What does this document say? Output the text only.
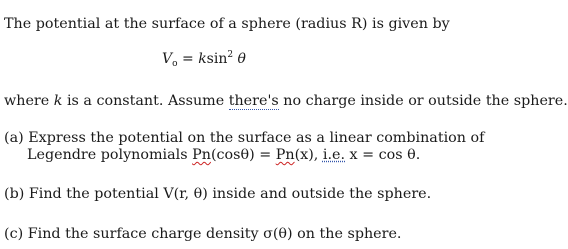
The potential at the surface of a sphere (radius R) is given by
$V_o = ksin^2$ θ
where k is a constant. Assume there's no charge inside or outside the sphere.
(a) Express the potential on the surface as a linear combination of
Legendre polynomials Pn(cosθ) = Pn(x), i.e. x = cos θ.
(b) Find the potential V(r, θ) inside and outside the sphere.
(c) Find the surface charge density σ(θ) on the sphere.
